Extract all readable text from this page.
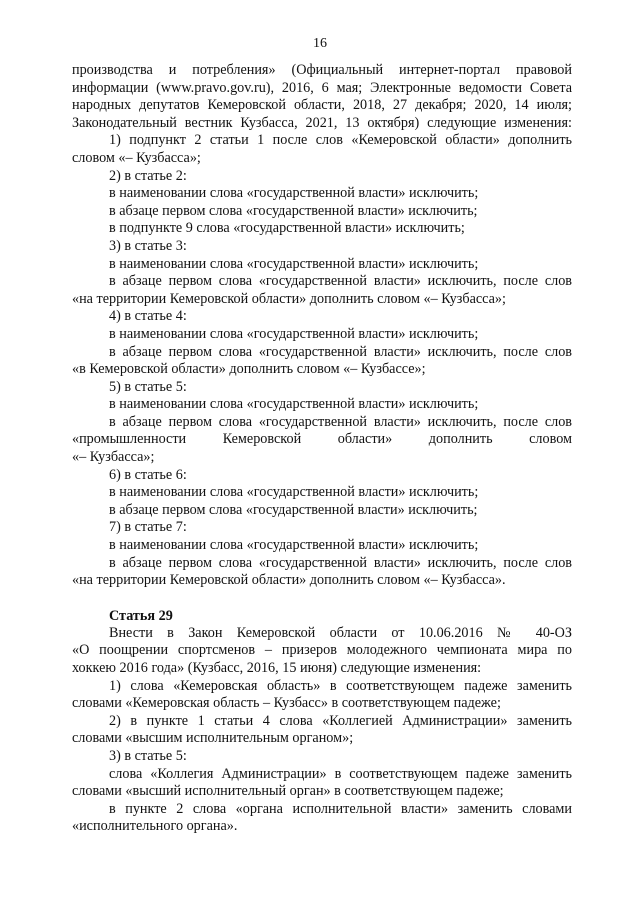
16
производства и потребления» (Официальный интернет-портал правовой
информации (www.pravo.gov.ru), 2016, 6 мая; Электронные ведомости Совета
народных депутатов Кемеровской области, 2018, 27 декабря; 2020, 14 июля;
Законодательный вестник Кузбасса, 2021, 13 октября) следующие изменения:
1) подпункт 2 статьи 1 после слов «Кемеровской области» дополнить
словом «– Кузбасса»;
2) в статье 2:
в наименовании слова «государственной власти» исключить;
в абзаце первом слова «государственной власти» исключить;
в подпункте 9 слова «государственной власти» исключить;
3) в статье 3:
в наименовании слова «государственной власти» исключить;
в абзаце первом слова «государственной власти» исключить, после слов
«на территории Кемеровской области» дополнить словом «– Кузбасса»;
4) в статье 4:
в наименовании слова «государственной власти» исключить;
в абзаце первом слова «государственной власти» исключить, после слов
«в Кемеровской области» дополнить словом «– Кузбассе»;
5) в статье 5:
в наименовании слова «государственной власти» исключить;
в абзаце первом слова «государственной власти» исключить, после слов
«промышленности Кемеровской области» дополнить словом
«– Кузбасса»;
6) в статье 6:
в наименовании слова «государственной власти» исключить;
в абзаце первом слова «государственной власти» исключить;
7) в статье 7:
в наименовании слова «государственной власти» исключить;
в абзаце первом слова «государственной власти» исключить, после слов
«на территории Кемеровской области» дополнить словом «– Кузбасса».
Статья 29
Внести в Закон Кемеровской области от 10.06.2016 № 40-ОЗ
«О поощрении спортсменов – призеров молодежного чемпионата мира по
хоккею 2016 года» (Кузбасс, 2016, 15 июня) следующие изменения:
1) слова «Кемеровская область» в соответствующем падеже заменить
словами «Кемеровская область – Кузбасс» в соответствующем падеже;
2) в пункте 1 статьи 4 слова «Коллегией Администрации» заменить
словами «высшим исполнительным органом»;
3) в статье 5:
слова «Коллегия Администрации» в соответствующем падеже заменить
словами «высший исполнительный орган» в соответствующем падеже;
в пункте 2 слова «органа исполнительной власти» заменить словами
«исполнительного органа».
